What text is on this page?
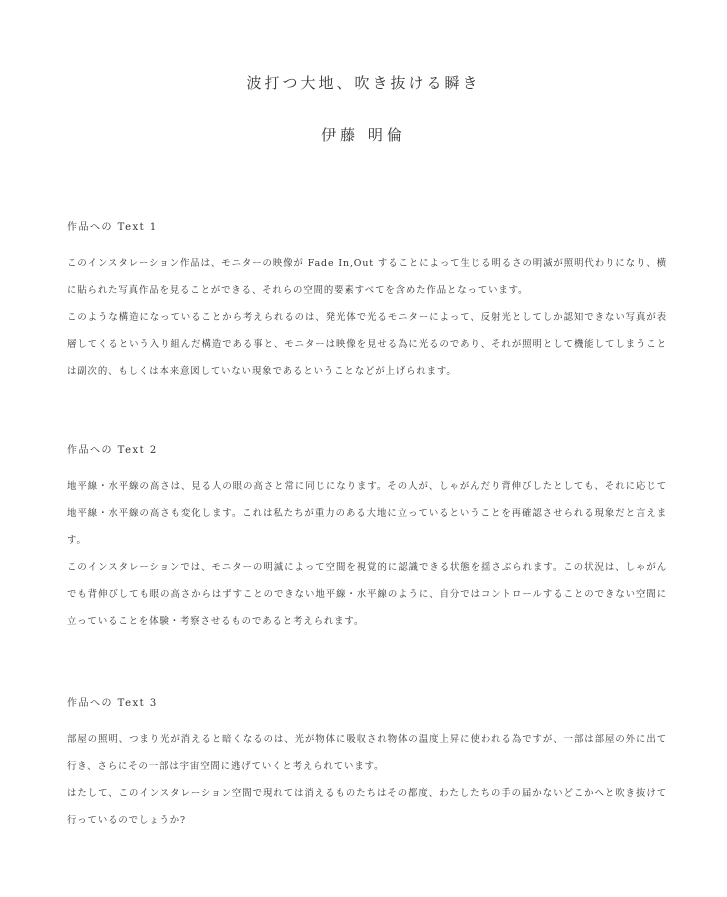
波打つ大地、吹き抜ける瞬き
伊藤 明倫
作品への Text 1

このインスタレーション作品は、モニターの映像が Fade In,Out することによって生じる明るさの明滅が照明代わりになり、横に貼られた写真作品を見ることができる、それらの空間的要素すべてを含めた作品となっています。

このような構造になっていることから考えられるのは、発光体で光るモニターによって、反射光としてしか認知できない写真が表層してくるという入り組んだ構造である事と、モニターは映像を見せる為に光るのであり、それが照明として機能してしまうことは副次的、もしくは本来意図していない現象であるということなどが上げられます。

作品への Text 2

地平線・水平線の高さは、見る人の眼の高さと常に同じになります。その人が、しゃがんだり背伸びしたとしても、それに応じて地平線・水平線の高さも変化します。これは私たちが重力のある大地に立っているということを再確認させられる現象だと言えます。

このインスタレーションでは、モニターの明滅によって空間を視覚的に認識できる状態を揺さぶられます。この状況は、しゃがんでも背伸びしても眼の高さからはずすことのできない地平線・水平線のように、自分ではコントロールすることのできない空間に立っていることを体験・考察させるものであると考えられます。

作品への Text 3

部屋の照明、つまり光が消えると暗くなるのは、光が物体に吸収され物体の温度上昇に使われる為ですが、一部は部屋の外に出て行き、さらにその一部は宇宙空間に逃げていくと考えられています。

はたして、このインスタレーション空間で現れては消えるものたちはその都度、わたしたちの手の届かないどこかへと吹き抜けて行っているのでしょうか?
